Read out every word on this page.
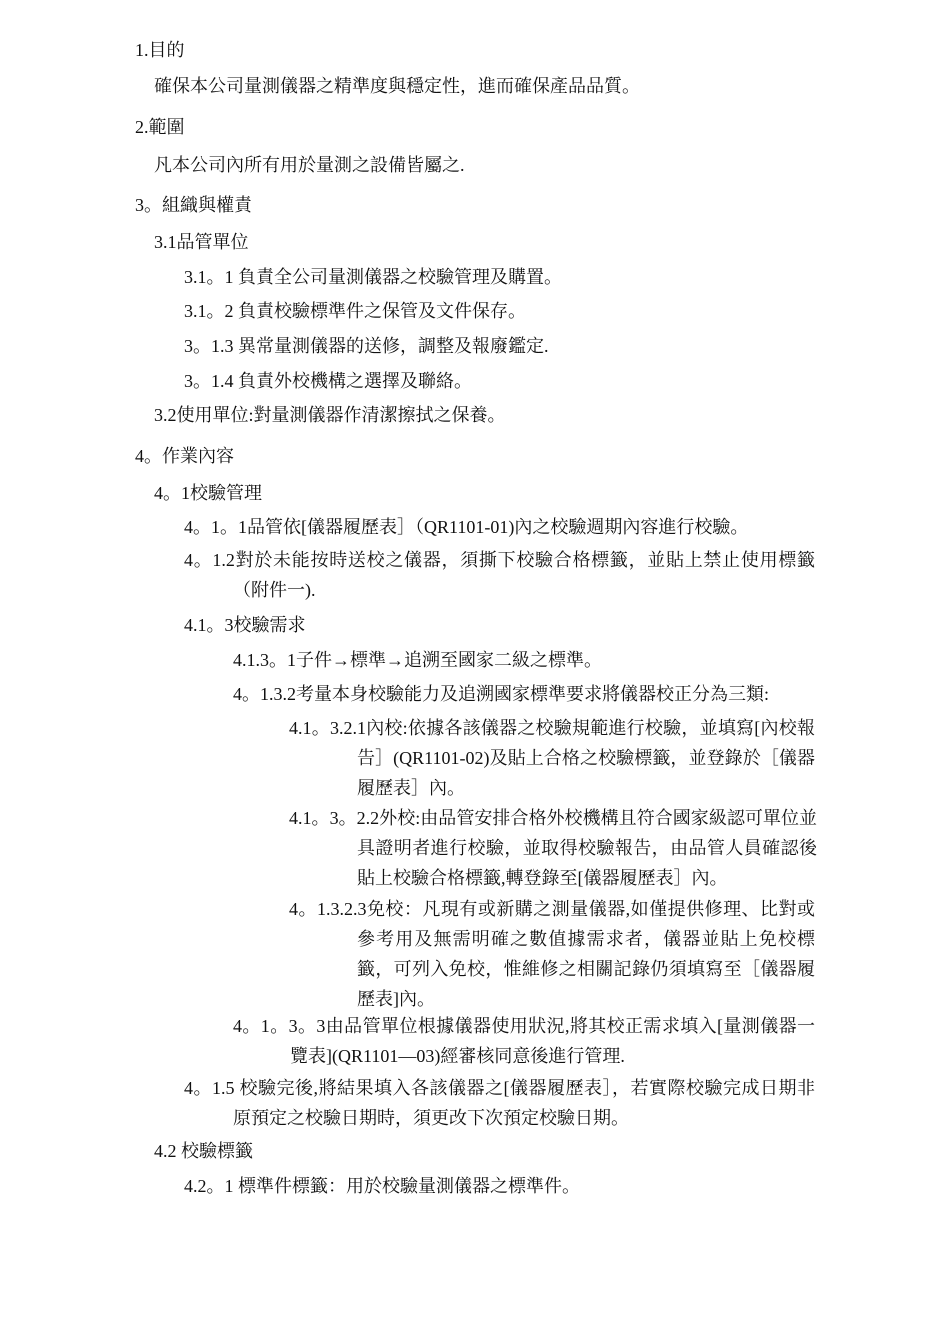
1.目的
確保本公司量測儀器之精準度與穩定性，進而確保產品品質。
2.範圍
凡本公司內所有用於量測之設備皆屬之.
3。組織與權責
3.1品管單位
3.1。1 負責全公司量測儀器之校驗管理及購置。
3.1。2 負責校驗標準件之保管及文件保存。
3。1.3 異常量測儀器的送修，調整及報廢鑑定.
3。1.4 負責外校機構之選擇及聯絡。
3.2使用單位:對量測儀器作清潔擦拭之保養。
4。作業內容
4。1校驗管理
4。1。1品管依[儀器履歷表］（QR1101-01)內之校驗週期內容進行校驗。
4。1.2對於未能按時送校之儀器，須撕下校驗合格標籤，並貼上禁止使用標籤（附件一).
4.1。3校驗需求
4.1.3。1子件→標準→追溯至國家二級之標準。
4。1.3.2考量本身校驗能力及追溯國家標準要求將儀器校正分為三類:
4.1。3.2.1內校:依據各該儀器之校驗規範進行校驗，並填寫[內校報告］(QR1101-02)及貼上合格之校驗標籤，並登錄於［儀器履歷表］內。
4.1。3。2.2外校:由品管安排合格外校機構且符合國家級認可單位並具證明者進行校驗，並取得校驗報告，由品管人員確認後貼上校驗合格標籤,轉登錄至[儀器履歷表］內。
4。1.3.2.3免校：凡現有或新購之測量儀器,如僅提供修理、比對或參考用及無需明確之數值據需求者，儀器並貼上免校標籤，可列入免校，惟維修之相關記錄仍須填寫至［儀器履歷表]內。
4。1。3。3由品管單位根據儀器使用狀況,將其校正需求填入[量測儀器一覽表](QR1101—03)經審核同意後進行管理.
4。1.5 校驗完後,將結果填入各該儀器之[儀器履歷表］，若實際校驗完成日期非原預定之校驗日期時，須更改下次預定校驗日期。
4.2 校驗標籤
4.2。1 標準件標籤：用於校驗量測儀器之標準件。
